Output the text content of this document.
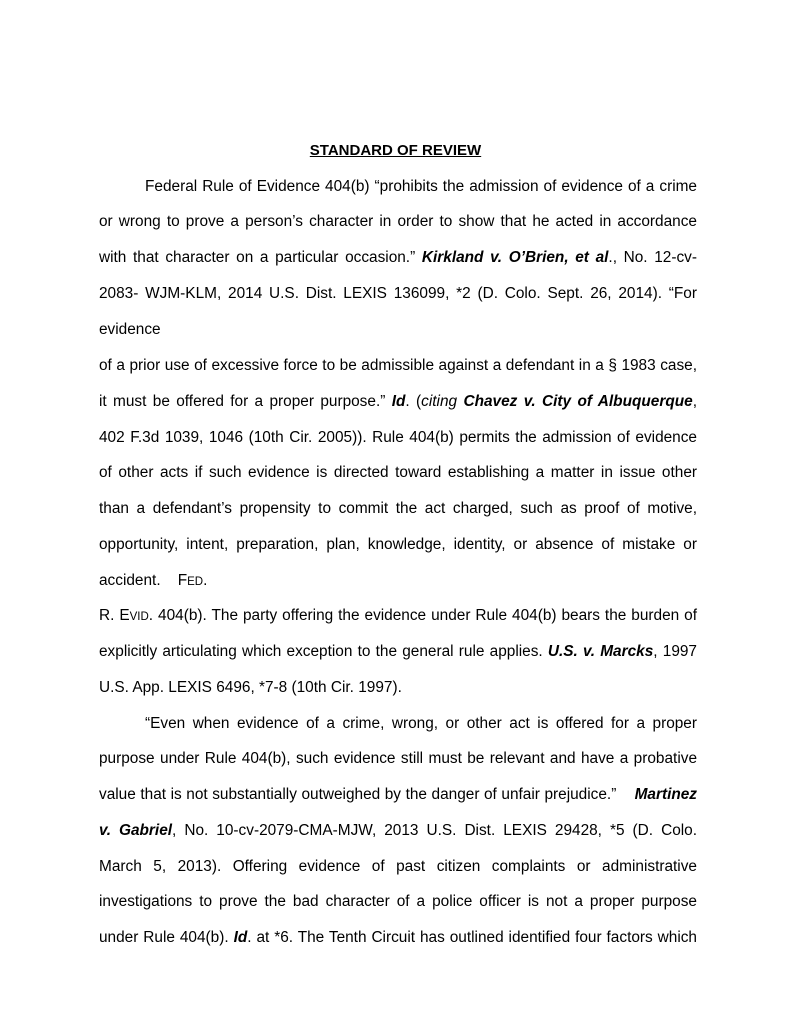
STANDARD OF REVIEW
Federal Rule of Evidence 404(b) “prohibits the admission of evidence of a crime
or wrong to prove a person’s character in order to show that he acted in accordance
with that character on a particular occasion.” Kirkland v. O’Brien, et al., No. 12-cv-
2083- WJM-KLM, 2014 U.S. Dist. LEXIS 136099, *2 (D. Colo. Sept. 26, 2014). “For
evidence
of a prior use of excessive force to be admissible against a defendant in a § 1983 case,
it must be offered for a proper purpose.” Id. (citing Chavez v. City of Albuquerque,
402 F.3d 1039, 1046 (10th Cir. 2005)). Rule 404(b) permits the admission of evidence
of other acts if such evidence is directed toward establishing a matter in issue other
than a defendant’s propensity to commit the act charged, such as proof of motive,
opportunity, intent, preparation, plan, knowledge, identity, or absence of mistake or
accident. FED.
R. EVID. 404(b). The party offering the evidence under Rule 404(b) bears the burden of
explicitly articulating which exception to the general rule applies. U.S. v. Marcks, 1997
U.S. App. LEXIS 6496, *7-8 (10th Cir. 1997).
“Even when evidence of a crime, wrong, or other act is offered for a proper
purpose under Rule 404(b), such evidence still must be relevant and have a probative
value that is not substantially outweighed by the danger of unfair prejudice.” Martinez
v. Gabriel, No. 10-cv-2079-CMA-MJW, 2013 U.S. Dist. LEXIS 29428, *5 (D. Colo.
March 5, 2013). Offering evidence of past citizen complaints or administrative
investigations to prove the bad character of a police officer is not a proper purpose
under Rule 404(b). Id. at *6. The Tenth Circuit has outlined identified four factors which
